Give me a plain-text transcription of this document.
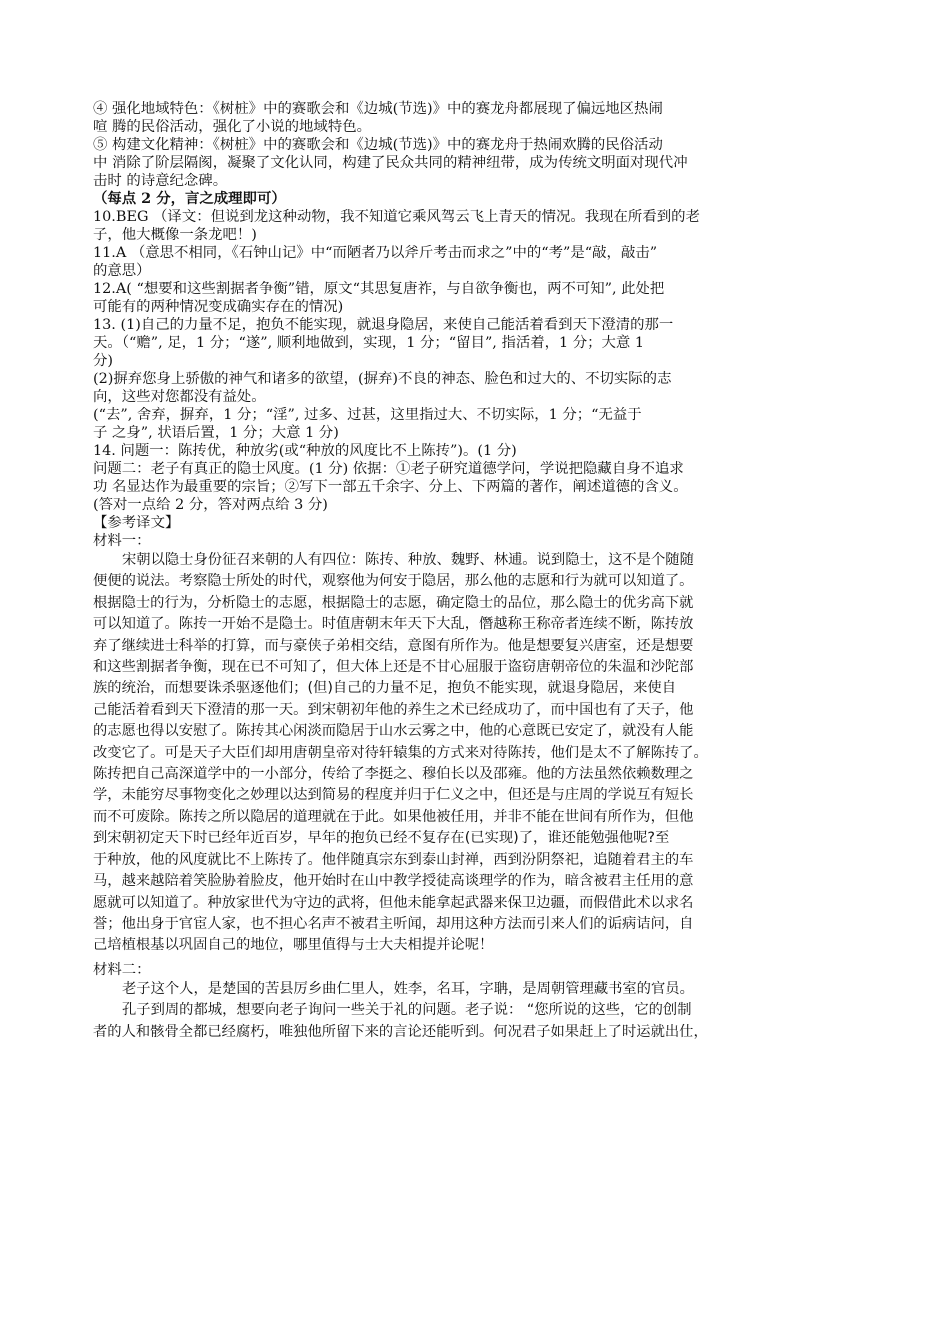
④ 强化地域特色：《树桩》中的赛歌会和《边城(节选)》中的赛龙舟都展现了偏远地区热闹
喧 腾的民俗活动，强化了小说的地域特色。
⑤ 构建文化精神：《树桩》中的赛歌会和《边城(节选)》中的赛龙舟于热闹欢腾的民俗活动
中 消除了阶层隔阂，凝聚了文化认同，构建了民众共同的精神纽带，成为传统文明面对现代冲
击时 的诗意纪念碑。
（每点 2 分，言之成理即可）
10.BEG （译文：但说到龙这种动物，我不知道它乘风驾云飞上青天的情况。我现在所看到的老
子，他大概像一条龙吧！)
11.A （意思不相同，《石钟山记》中“而陋者乃以斧斤考击而求之”中的“考”是“敲，敲击”
的意思）
12.A( “想要和这些割据者争衡”错，原文“其思复唐祚，与自欲争衡也，两不可知”, 此处把
可能有的两种情况变成确实存在的情况)
13. (1)自己的力量不足，抱负不能实现，就退身隐居，来使自己能活着看到天下澄清的那一
天。（“赡”, 足，1 分；“遂”, 顺利地做到，实现，1 分；“留目”, 指活着，1 分；大意 1
分)
(2)摒弃您身上骄傲的神气和诸多的欲望，(摒弃)不良的神态、脸色和过大的、不切实际的志
向，这些对您都没有益处。
(“去”, 舍弃，摒弃，1 分；“淫”, 过多、过甚，这里指过大、不切实际，1 分；“无益于
子 之身”, 状语后置，1 分；大意 1 分)
14. 问题一：陈抟优，种放劣(或“种放的风度比不上陈抟”)。(1 分)
问题二：老子有真正的隐士风度。(1 分) 依据：①老子研究道德学问，学说把隐藏自身不追求
功 名显达作为最重要的宗旨；②写下一部五千余字、分上、下两篇的著作，阐述道德的含义。
(答对一点给 2 分，答对两点给 3 分)
【参考译文】
材料一：
宋朝以隐士身份征召来朝的人有四位：陈抟、种放、魏野、林逋。说到隐士，这不是个随随
便便的说法。考察隐士所处的时代，观察他为何安于隐居，那么他的志愿和行为就可以知道了。
根据隐士的行为，分析隐士的志愿，根据隐士的志愿，确定隐士的品位，那么隐士的优劣高下就
可以知道了。陈抟一开始不是隐士。时值唐朝末年天下大乱，僭越称王称帝者连续不断，陈抟放
弃了继续进士科举的打算，而与豪侠子弟相交结，意图有所作为。他是想要复兴唐室，还是想要
和这些割据者争衡，现在已不可知了，但大体上还是不甘心屈服于盗窃唐朝帝位的朱温和沙陀部
族的统治，而想要诛杀驱逐他们；(但)自己的力量不足，抱负不能实现，就退身隐居，来使自
己能活着看到天下澄清的那一天。到宋朝初年他的养生之术已经成功了，而中国也有了天子，他
的志愿也得以安慰了。陈抟其心闲淡而隐居于山水云雾之中，他的心意既已安定了，就没有人能
改变它了。可是天子大臣们却用唐朝皇帝对待轩辕集的方式来对待陈抟，他们是太不了解陈抟了。
陈抟把自己高深道学中的一小部分，传给了李挺之、穆伯长以及邵雍。他的方法虽然依赖数理之
学，未能穷尽事物变化之妙理以达到简易的程度并归于仁义之中，但还是与庄周的学说互有短长
而不可废除。陈抟之所以隐居的道理就在于此。如果他被任用，并非不能在世间有所作为，但他
到宋朝初定天下时已经年近百岁，早年的抱负已经不复存在(已实现)了，谁还能勉强他呢?至
于种放，他的风度就比不上陈抟了。他伴随真宗东到泰山封禅，西到汾阴祭祀，追随着君主的车
马，越来越陪着笑脸胁着脸皮，他开始时在山中教学授徒高谈理学的作为，暗含被君主任用的意
愿就可以知道了。种放家世代为守边的武将，但他未能拿起武器来保卫边疆，而假借此术以求名
誉；他出身于官宦人家，也不担心名声不被君主听闻，却用这种方法而引来人们的诟病诘问，自
己培植根基以巩固自己的地位，哪里值得与士大夫相提并论呢！
材料二：
老子这个人，是楚国的苦县厉乡曲仁里人，姓李，名耳，字聃，是周朝管理藏书室的官员。
孔子到周的都城，想要向老子询问一些关于礼的问题。老子说： “您所说的这些，它的创制
者的人和骸骨全都已经腐朽，唯独他所留下来的言论还能听到。何况君子如果赶上了时运就出仕，
